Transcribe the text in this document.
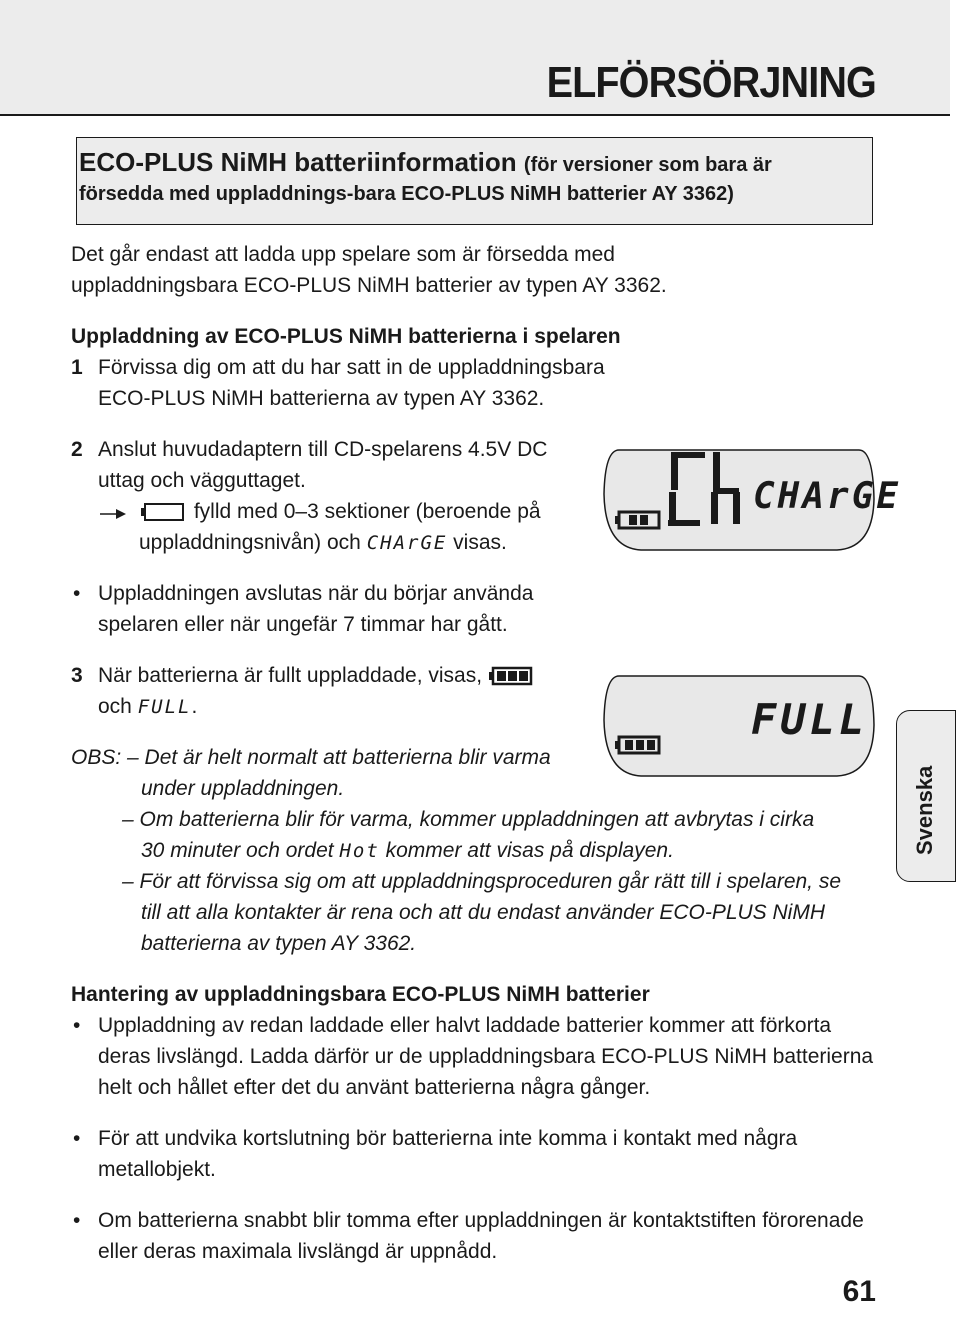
ELFÖRSÖRJNING
ECO-PLUS NiMH batteriinformation (för versioner som bara är
försedda med uppladdnings-bara ECO-PLUS NiMH batterier AY 3362)
Det går endast att ladda upp spelare som är försedda med
uppladdningsbara ECO-PLUS NiMH batterier av typen AY 3362.
Uppladdning av ECO-PLUS NiMH batterierna i spelaren
1 Förvissa dig om att du har satt in de uppladdningsbara
ECO-PLUS NiMH batterierna av typen AY 3362.
2 Anslut huvudadaptern till CD-spelarens 4.5V DC
uttag och vägguttaget.
fylld med 0–3 sektioner (beroende på
uppladdningsnivån) och CHArGE visas.
• Uppladdningen avslutas när du börjar använda
spelaren eller när ungefär 7 timmar har gått.
3 När batterierna är fullt uppladdade, visas,
och FULL.
OBS: – Det är helt normalt att batterierna blir varma
under uppladdningen.
– Om batterierna blir för varma, kommer uppladdningen att avbrytas i cirka
30 minuter och ordet Hot kommer att visas på displayen.
– För att förvissa sig om att uppladdningsproceduren går rätt till i spelaren, se
till att alla kontakter är rena och att du endast använder ECO-PLUS NiMH
batterierna av typen AY 3362.
Hantering av uppladdningsbara ECO-PLUS NiMH batterier
• Uppladdning av redan laddade eller halvt laddade batterier kommer att förkorta
deras livslängd. Ladda därför ur de uppladdningsbara ECO-PLUS NiMH batterierna
helt och hållet efter det du använt batterierna några gånger.
• För att undvika kortslutning bör batterierna inte komma i kontakt med några
metallobjekt.
• Om batterierna snabbt blir tomma efter uppladdningen är kontaktstiften förorenade
eller deras maximala livslängd är uppnådd.
CHArGE
FULL
Svenska
61
